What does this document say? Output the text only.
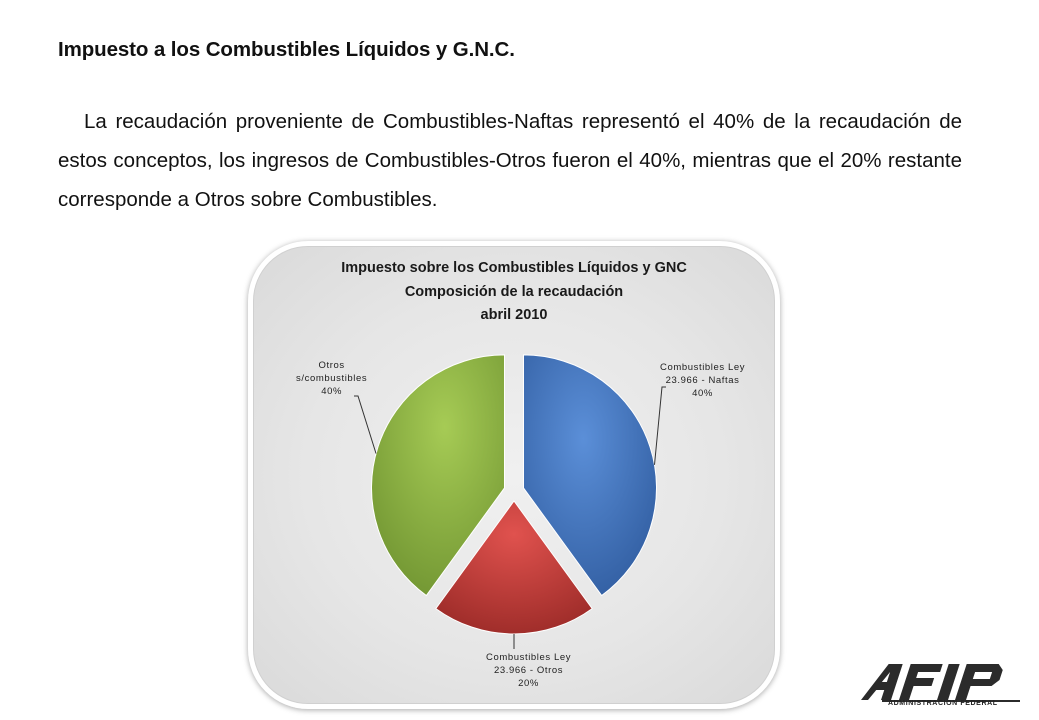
Impuesto a los Combustibles Líquidos y G.N.C.
La recaudación proveniente de Combustibles-Naftas representó el 40% de la recaudación de estos conceptos, los ingresos de Combustibles-Otros fueron el 40%, mientras que el 20% restante corresponde a Otros sobre Combustibles.
Impuesto sobre los Combustibles Líquidos y GNC
Composición de la recaudación
abril 2010
Combustibles Ley
23.966 - Naftas
40%
Combustibles Ley
23.966 - Otros
20%
Otros
s/combustibles
40%
ADMINISTRACION FEDERAL
